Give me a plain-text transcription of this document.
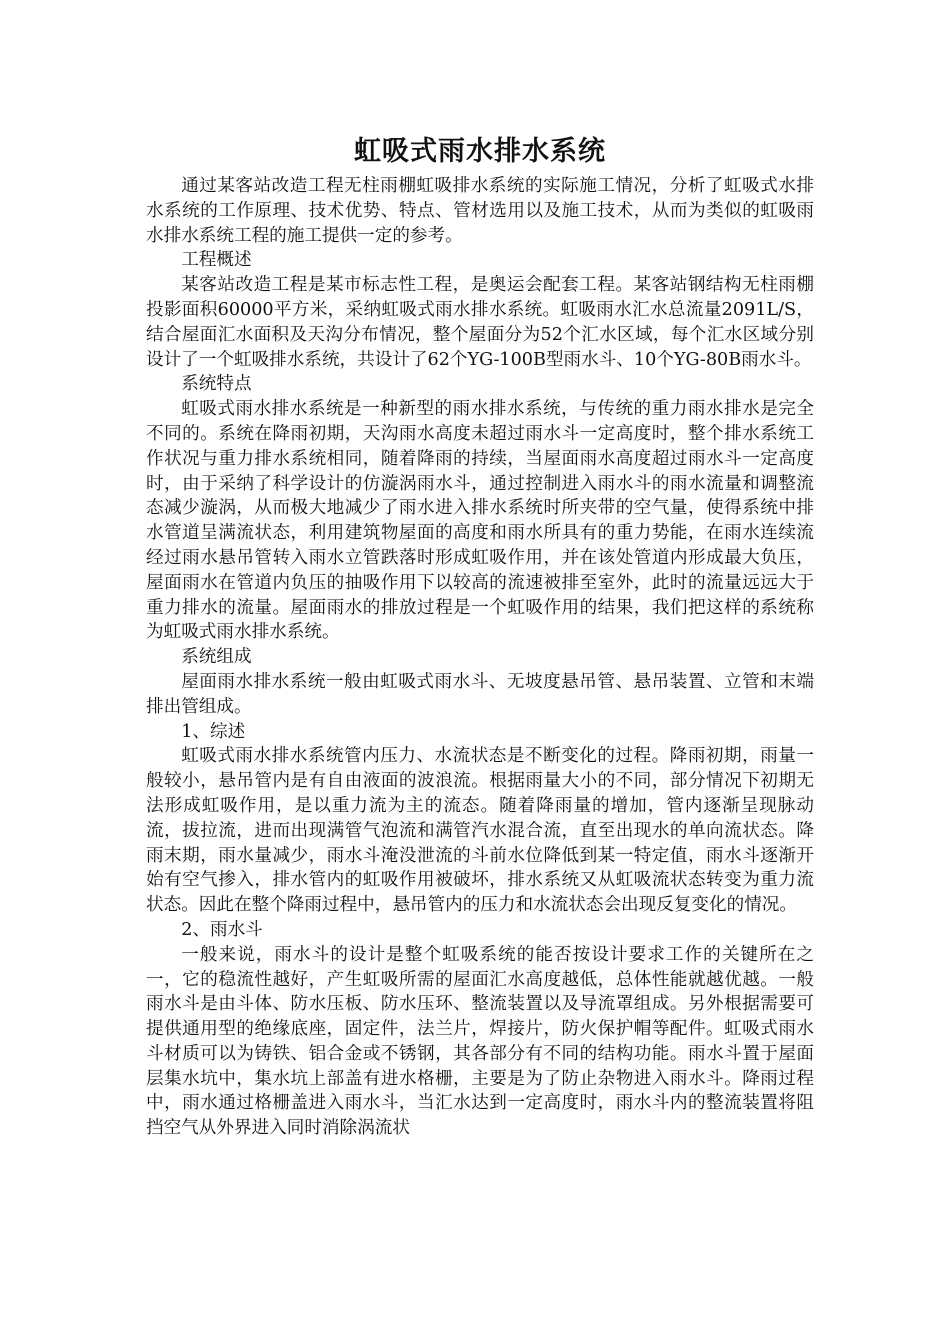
虹吸式雨水排水系统

通过某客站改造工程无柱雨棚虹吸排水系统的实际施工情况，分析了虹吸式水排水系统的工作原理、技术优势、特点、管材选用以及施工技术，从而为类似的虹吸雨水排水系统工程的施工提供一定的参考。

工程概述

某客站改造工程是某市标志性工程，是奥运会配套工程。某客站钢结构无柱雨棚投影面积60000平方米，采纳虹吸式雨水排水系统。虹吸雨水汇水总流量2091L/S，结合屋面汇水面积及天沟分布情况，整个屋面分为52个汇水区域，每个汇水区域分别设计了一个虹吸排水系统，共设计了62个YG-100B型雨水斗、10个YG-80B雨水斗。

系统特点

虹吸式雨水排水系统是一种新型的雨水排水系统，与传统的重力雨水排水是完全不同的。系统在降雨初期，天沟雨水高度未超过雨水斗一定高度时，整个排水系统工作状况与重力排水系统相同，随着降雨的持续，当屋面雨水高度超过雨水斗一定高度时，由于采纳了科学设计的仿漩涡雨水斗，通过控制进入雨水斗的雨水流量和调整流态减少漩涡，从而极大地减少了雨水进入排水系统时所夹带的空气量，使得系统中排水管道呈满流状态，利用建筑物屋面的高度和雨水所具有的重力势能，在雨水连续流经过雨水悬吊管转入雨水立管跌落时形成虹吸作用，并在该处管道内形成最大负压，屋面雨水在管道内负压的抽吸作用下以较高的流速被排至室外，此时的流量远远大于重力排水的流量。屋面雨水的排放过程是一个虹吸作用的结果，我们把这样的系统称为虹吸式雨水排水系统。

系统组成

屋面雨水排水系统一般由虹吸式雨水斗、无坡度悬吊管、悬吊装置、立管和末端排出管组成。

1、综述

虹吸式雨水排水系统管内压力、水流状态是不断变化的过程。降雨初期，雨量一般较小，悬吊管内是有自由液面的波浪流。根据雨量大小的不同，部分情况下初期无法形成虹吸作用，是以重力流为主的流态。随着降雨量的增加，管内逐渐呈现脉动流，拔拉流，进而出现满管气泡流和满管汽水混合流，直至出现水的单向流状态。降雨末期，雨水量减少，雨水斗淹没泄流的斗前水位降低到某一特定值，雨水斗逐渐开始有空气掺入，排水管内的虹吸作用被破坏，排水系统又从虹吸流状态转变为重力流状态。因此在整个降雨过程中，悬吊管内的压力和水流状态会出现反复变化的情况。

2、雨水斗

一般来说，雨水斗的设计是整个虹吸系统的能否按设计要求工作的关键所在之一，它的稳流性越好，产生虹吸所需的屋面汇水高度越低，总体性能就越优越。一般雨水斗是由斗体、防水压板、防水压环、整流装置以及导流罩组成。另外根据需要可提供通用型的绝缘底座，固定件，法兰片，焊接片，防火保护帽等配件。虹吸式雨水斗材质可以为铸铁、铝合金或不锈钢，其各部分有不同的结构功能。雨水斗置于屋面层集水坑中，集水坑上部盖有进水格栅，主要是为了防止杂物进入雨水斗。降雨过程中，雨水通过格栅盖进入雨水斗，当汇水达到一定高度时，雨水斗内的整流装置将阻挡空气从外界进入同时消除涡流状
